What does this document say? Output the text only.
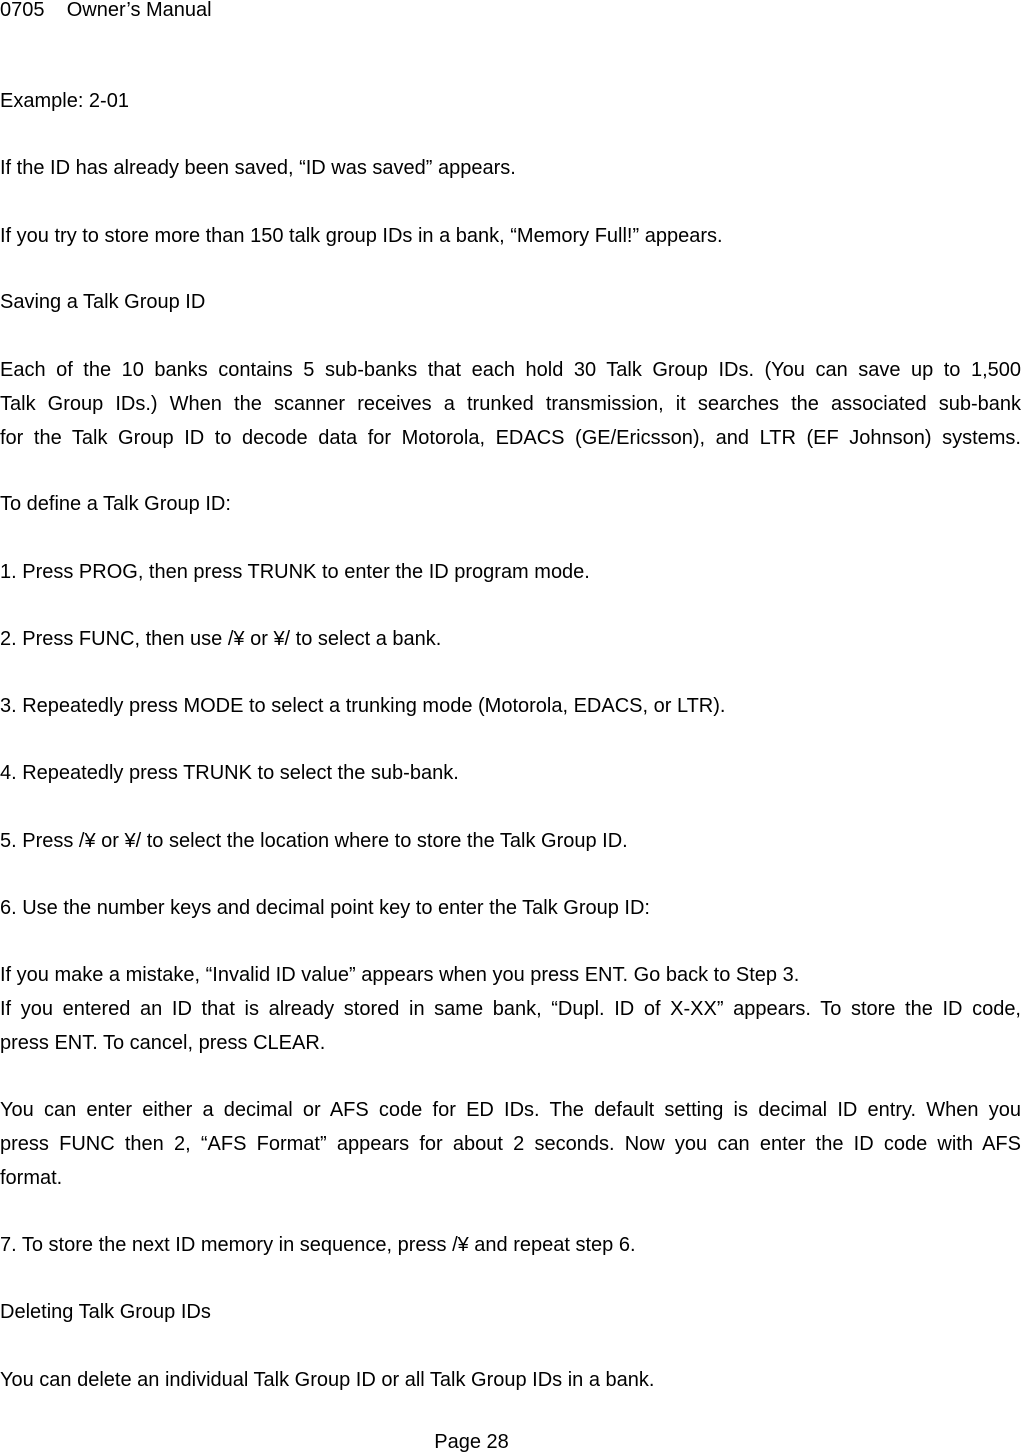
0705 Owner’s Manual
Example: 2-01
If the ID has already been saved, “ID was saved” appears.
If you try to store more than 150 talk group IDs in a bank, “Memory Full!” appears.
Saving a Talk Group ID
Each of the 10 banks contains 5 sub-banks that each hold 30 Talk Group IDs. (You can save up to 1,500
Talk Group IDs.) When the scanner receives a trunked transmission, it searches the associated sub-bank
for the Talk Group ID to decode data for Motorola, EDACS (GE/Ericsson), and LTR (EF Johnson) systems.
To define a Talk Group ID:
1. Press PROG, then press TRUNK to enter the ID program mode.
2. Press FUNC, then use /¥ or ¥/ to select a bank.
3. Repeatedly press MODE to select a trunking mode (Motorola, EDACS, or LTR).
4. Repeatedly press TRUNK to select the sub-bank.
5. Press /¥ or ¥/ to select the location where to store the Talk Group ID.
6. Use the number keys and decimal point key to enter the Talk Group ID:
If you make a mistake, “Invalid ID value” appears when you press ENT. Go back to Step 3.
If you entered an ID that is already stored in same bank, “Dupl. ID of X-XX” appears. To store the ID code,
press ENT. To cancel, press CLEAR.
You can enter either a decimal or AFS code for ED IDs. The default setting is decimal ID entry. When you
press FUNC then 2, “AFS Format” appears for about 2 seconds. Now you can enter the ID code with AFS
format.
7. To store the next ID memory in sequence, press /¥ and repeat step 6.
Deleting Talk Group IDs
You can delete an individual Talk Group ID or all Talk Group IDs in a bank.
Page 28
